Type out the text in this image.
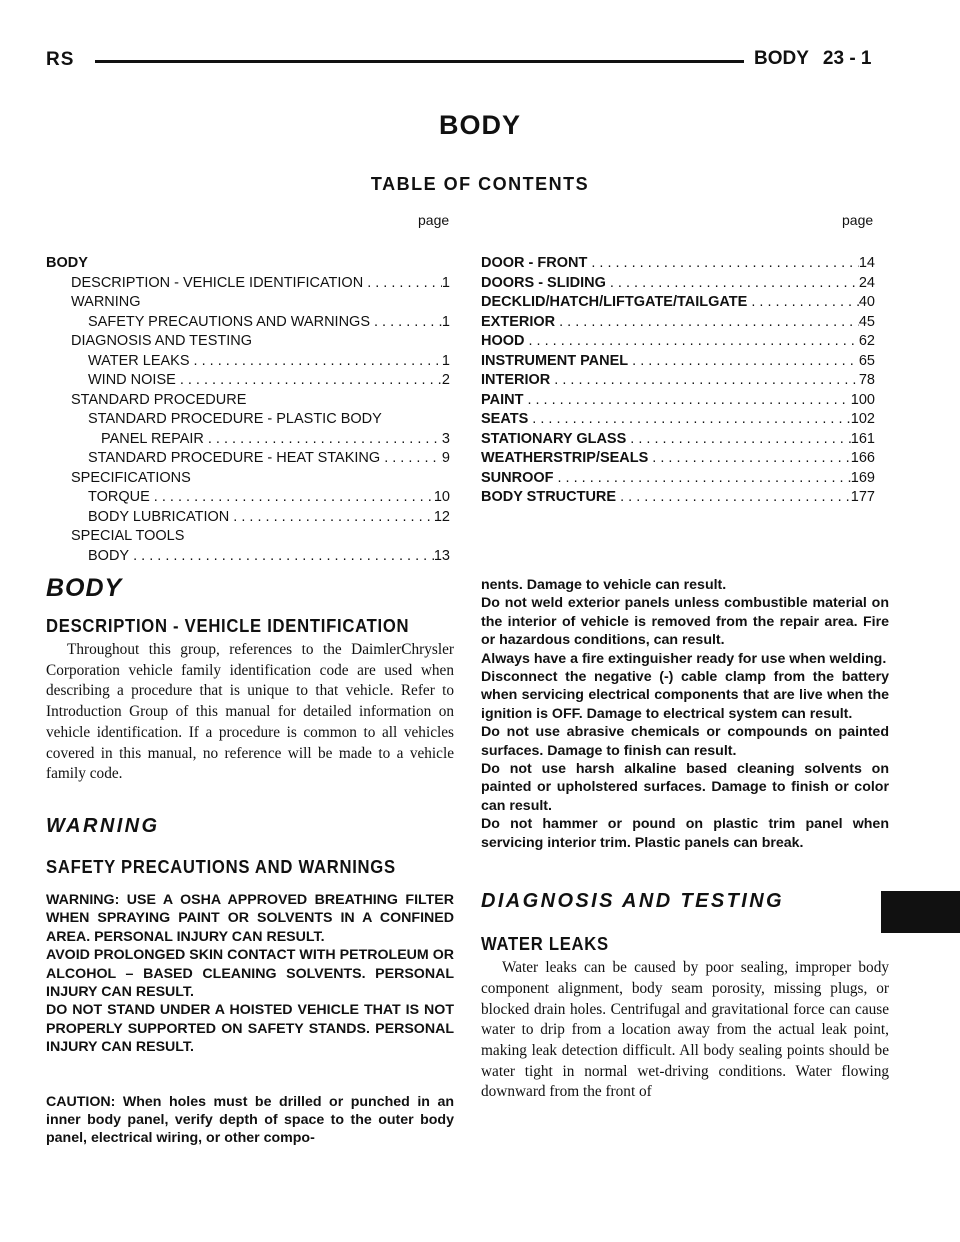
RS	BODY 23 - 1
BODY
TABLE OF CONTENTS
page	page
BODY
DESCRIPTION - VEHICLE IDENTIFICATION . . .	1
WARNING
SAFETY PRECAUTIONS AND WARNINGS . . .	1
DIAGNOSIS AND TESTING
WATER LEAKS . . .	1
WIND NOISE . . .	2
STANDARD PROCEDURE
STANDARD PROCEDURE - PLASTIC BODY
PANEL REPAIR . . .	3
STANDARD PROCEDURE - HEAT STAKING . . .	9
SPECIFICATIONS
TORQUE . . .	10
BODY LUBRICATION . . .	12
SPECIAL TOOLS
BODY . . .	13
DOOR - FRONT . . .	14
DOORS - SLIDING . . .	24
DECKLID/HATCH/LIFTGATE/TAILGATE . . .	40
EXTERIOR . . .	45
HOOD . . .	62
INSTRUMENT PANEL . . .	65
INTERIOR . . .	78
PAINT . . .	100
SEATS . . .	102
STATIONARY GLASS . . .	161
WEATHERSTRIP/SEALS . . .	166
SUNROOF . . .	169
BODY STRUCTURE . . .	177
BODY
DESCRIPTION - VEHICLE IDENTIFICATION

Throughout this group, references to the DaimlerChrysler Corporation vehicle family identification code are used when describing a procedure that is unique to that vehicle. Refer to Introduction Group of this manual for detailed information on vehicle identification. If a procedure is common to all vehicles covered in this manual, no reference will be made to a vehicle family code.

WARNING
SAFETY PRECAUTIONS AND WARNINGS

WARNING: USE A OSHA APPROVED BREATHING FILTER WHEN SPRAYING PAINT OR SOLVENTS IN A CONFINED AREA. PERSONAL INJURY CAN RESULT.

AVOID PROLONGED SKIN CONTACT WITH PETROLEUM OR ALCOHOL – BASED CLEANING SOLVENTS. PERSONAL INJURY CAN RESULT.

DO NOT STAND UNDER A HOISTED VEHICLE THAT IS NOT PROPERLY SUPPORTED ON SAFETY STANDS. PERSONAL INJURY CAN RESULT.

CAUTION: When holes must be drilled or punched in an inner body panel, verify depth of space to the outer body panel, electrical wiring, or other compo-

nents. Damage to vehicle can result.

Do not weld exterior panels unless combustible material on the interior of vehicle is removed from the repair area. Fire or hazardous conditions, can result.

Always have a fire extinguisher ready for use when welding.

Disconnect the negative (-) cable clamp from the battery when servicing electrical components that are live when the ignition is OFF. Damage to electrical system can result.

Do not use abrasive chemicals or compounds on painted surfaces. Damage to finish can result.

Do not use harsh alkaline based cleaning solvents on painted or upholstered surfaces. Damage to finish or color can result.

Do not hammer or pound on plastic trim panel when servicing interior trim. Plastic panels can break.

DIAGNOSIS AND TESTING
WATER LEAKS

Water leaks can be caused by poor sealing, improper body component alignment, body seam porosity, missing plugs, or blocked drain holes. Centrifugal and gravitational force can cause water to drip from a location away from the actual leak point, making leak detection difficult. All body sealing points should be water tight in normal wet-driving conditions. Water flowing downward from the front of
